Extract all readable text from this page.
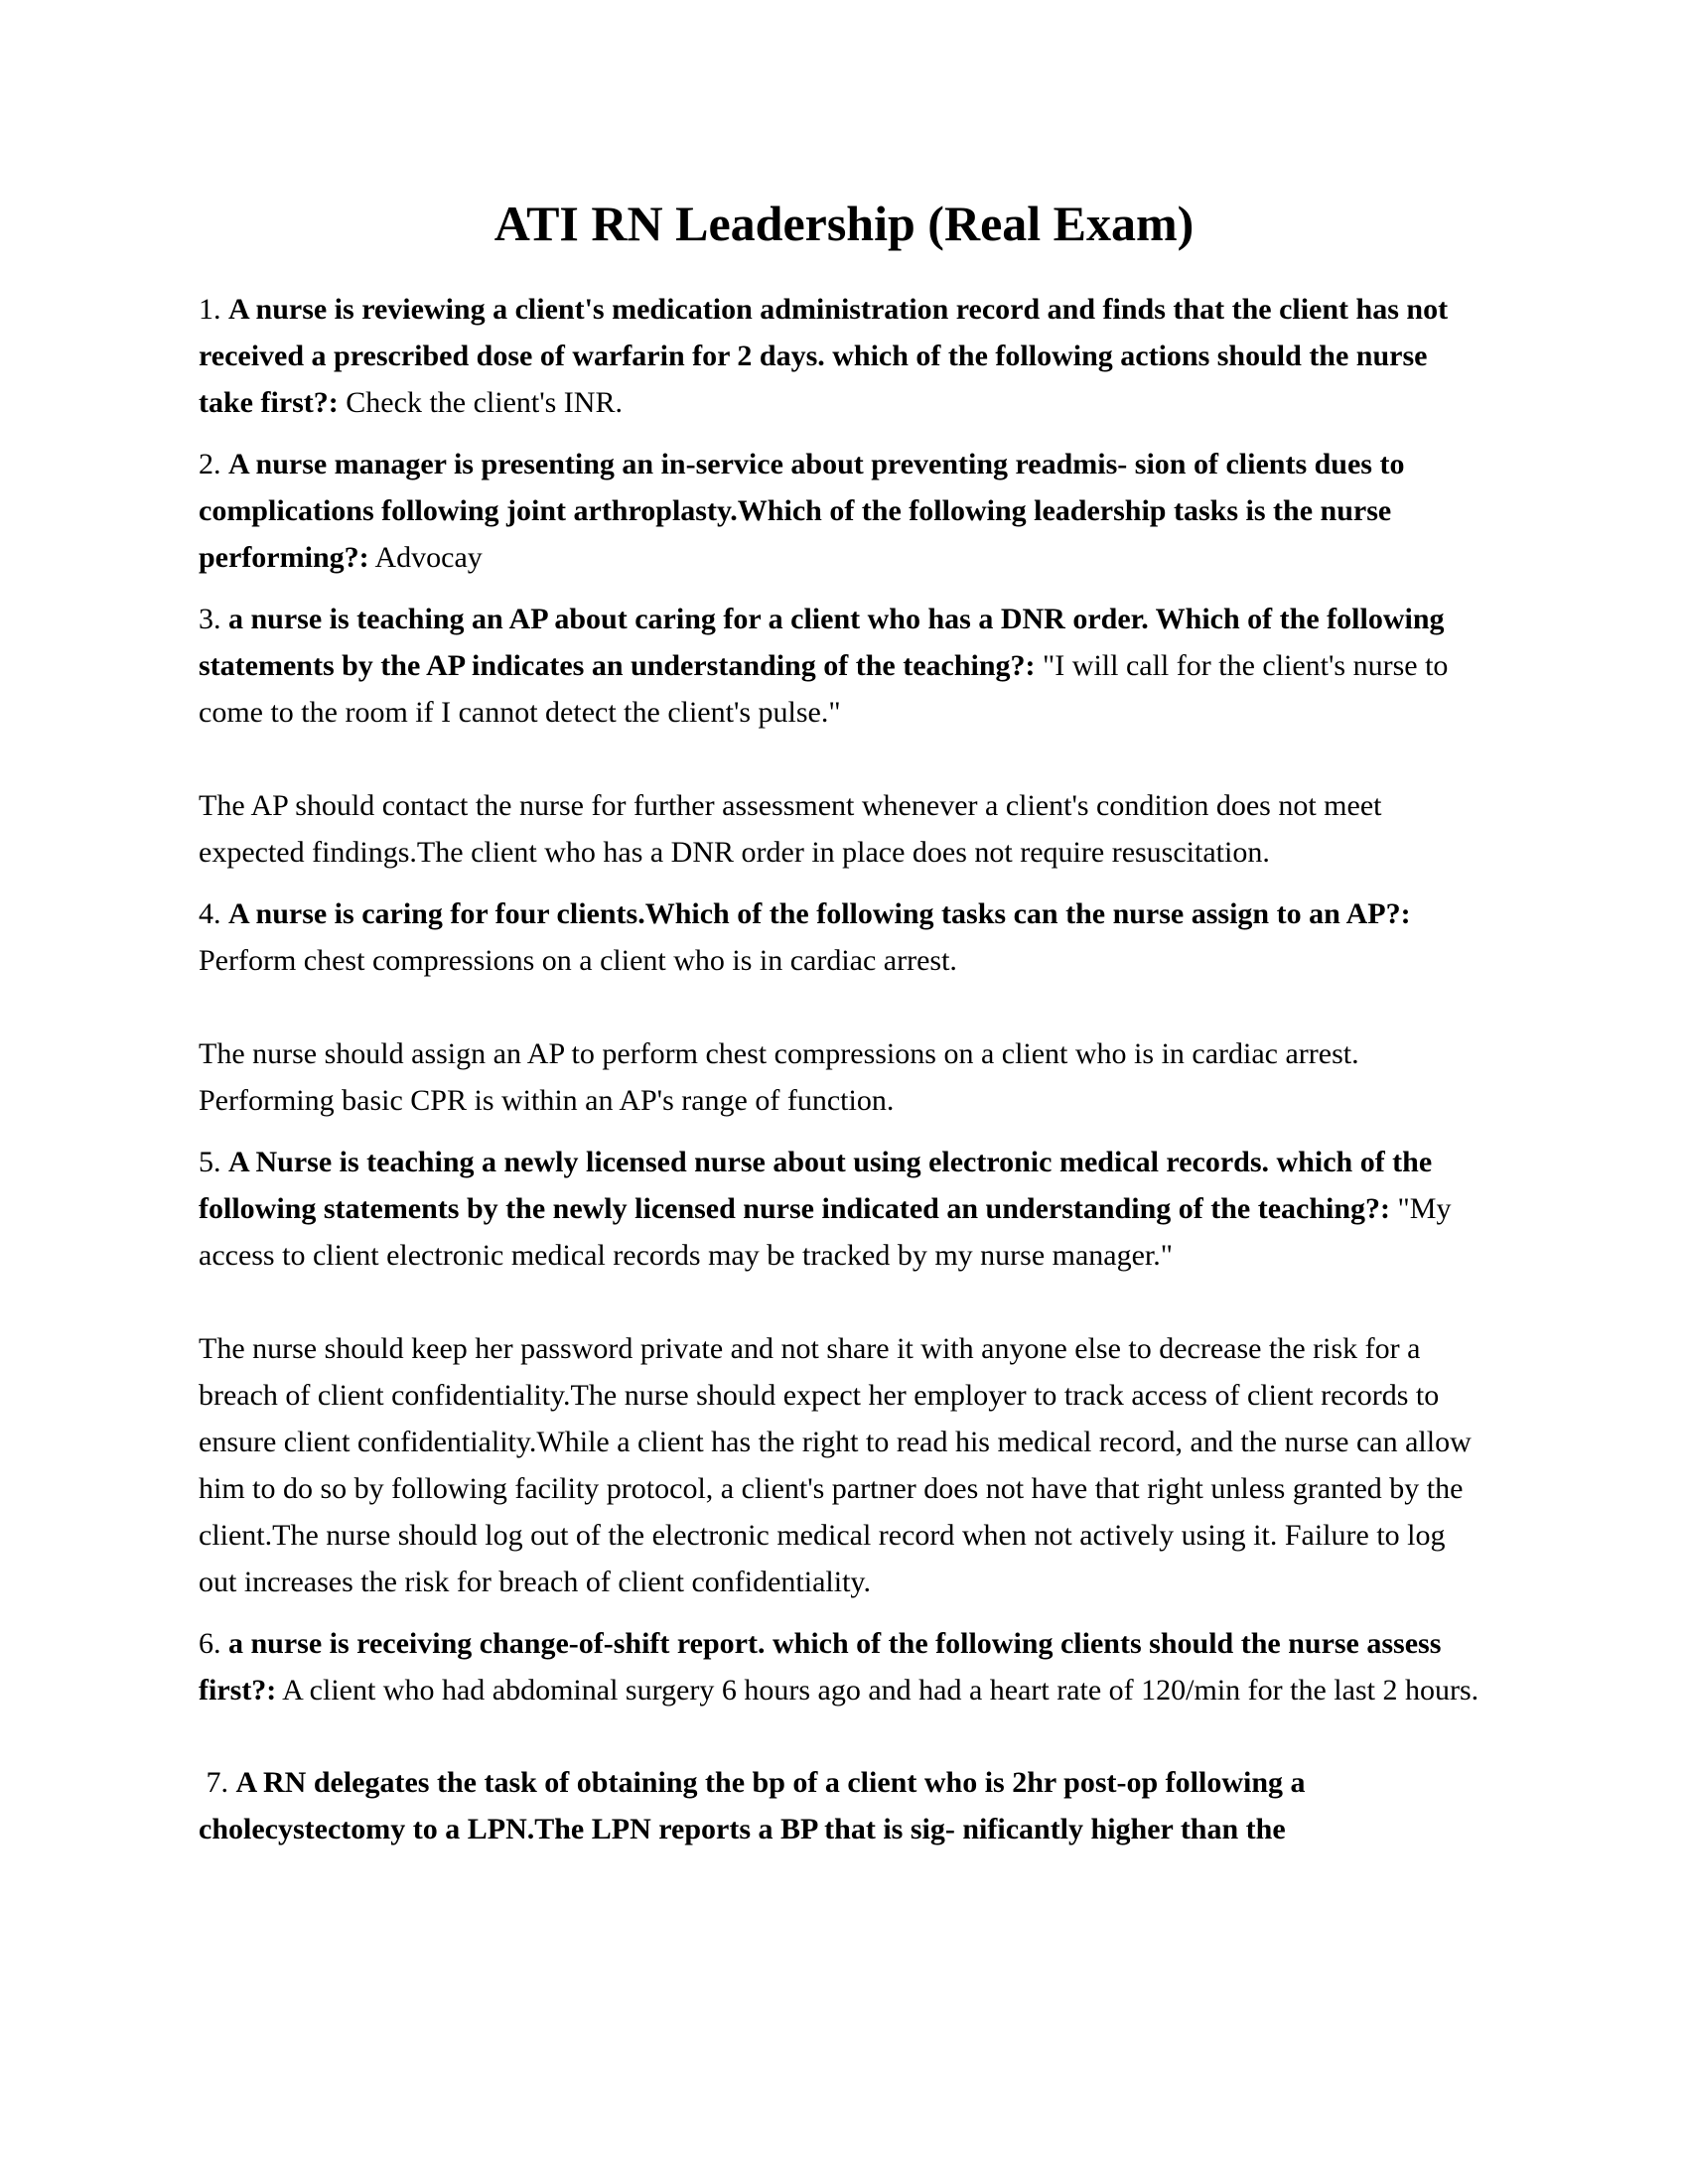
ATI RN Leadership (Real Exam)

1. A nurse is reviewing a client's medication administration record and finds that the client has not received a prescribed dose of warfarin for 2 days. which of the following actions should the nurse take first?: Check the client's INR.

2. A nurse manager is presenting an in-service about preventing readmis- sion of clients dues to complications following joint arthroplasty.Which of the following leadership tasks is the nurse performing?: Advocay

3. a nurse is teaching an AP about caring for a client who has a DNR order. Which of the following statements by the AP indicates an understanding of the teaching?: "I will call for the client's nurse to come to the room if I cannot detect the client's pulse."

The AP should contact the nurse for further assessment whenever a client's condition does not meet expected findings.The client who has a DNR order in place does not require resuscitation.

4. A nurse is caring for four clients.Which of the following tasks can the nurse assign to an AP?: Perform chest compressions on a client who is in cardiac arrest.

The nurse should assign an AP to perform chest compressions on a client who is in cardiac arrest. Performing basic CPR is within an AP's range of function.

5. A Nurse is teaching a newly licensed nurse about using electronic medical records. which of the following statements by the newly licensed nurse indicated an understanding of the teaching?: "My access to client electronic medical records may be tracked by my nurse manager."

The nurse should keep her password private and not share it with anyone else to decrease the risk for a breach of client confidentiality.The nurse should expect her employer to track access of client records to ensure client confidentiality.While a client has the right to read his medical record, and the nurse can allow him to do so by following facility protocol, a client's partner does not have that right unless granted by the client.The nurse should log out of the electronic medical record when not actively using it. Failure to log out increases the risk for breach of client confidentiality.

6. a nurse is receiving change-of-shift report. which of the following clients should the nurse assess first?: A client who had abdominal surgery 6 hours ago and had a heart rate of 120/min for the last 2 hours.

7. A RN delegates the task of obtaining the bp of a client who is 2hr post-op following a cholecystectomy to a LPN.The LPN reports a BP that is sig- nificantly higher than the
